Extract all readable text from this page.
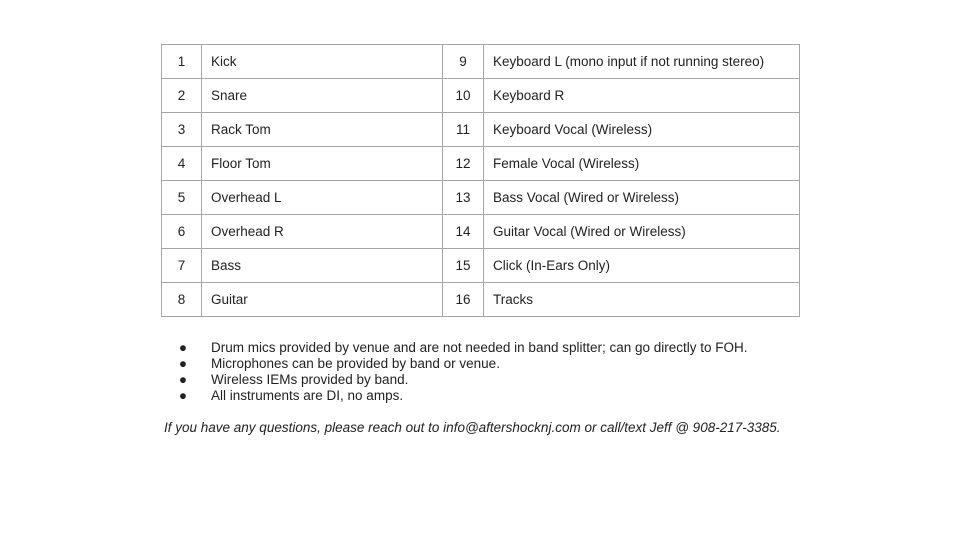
1	Kick	9	Keyboard L (mono input if not running stereo)
2	Snare	10	Keyboard R
3	Rack Tom	11	Keyboard Vocal (Wireless)
4	Floor Tom	12	Female Vocal (Wireless)
5	Overhead L	13	Bass Vocal (Wired or Wireless)
6	Overhead R	14	Guitar Vocal (Wired or Wireless)
7	Bass	15	Click (In-Ears Only)
8	Guitar	16	Tracks
● Drum mics provided by venue and are not needed in band splitter; can go directly to FOH.
● Microphones can be provided by band or venue.
● Wireless IEMs provided by band.
● All instruments are DI, no amps.

If you have any questions, please reach out to info@aftershocknj.com or call/text Jeff @ 908-217-3385.
